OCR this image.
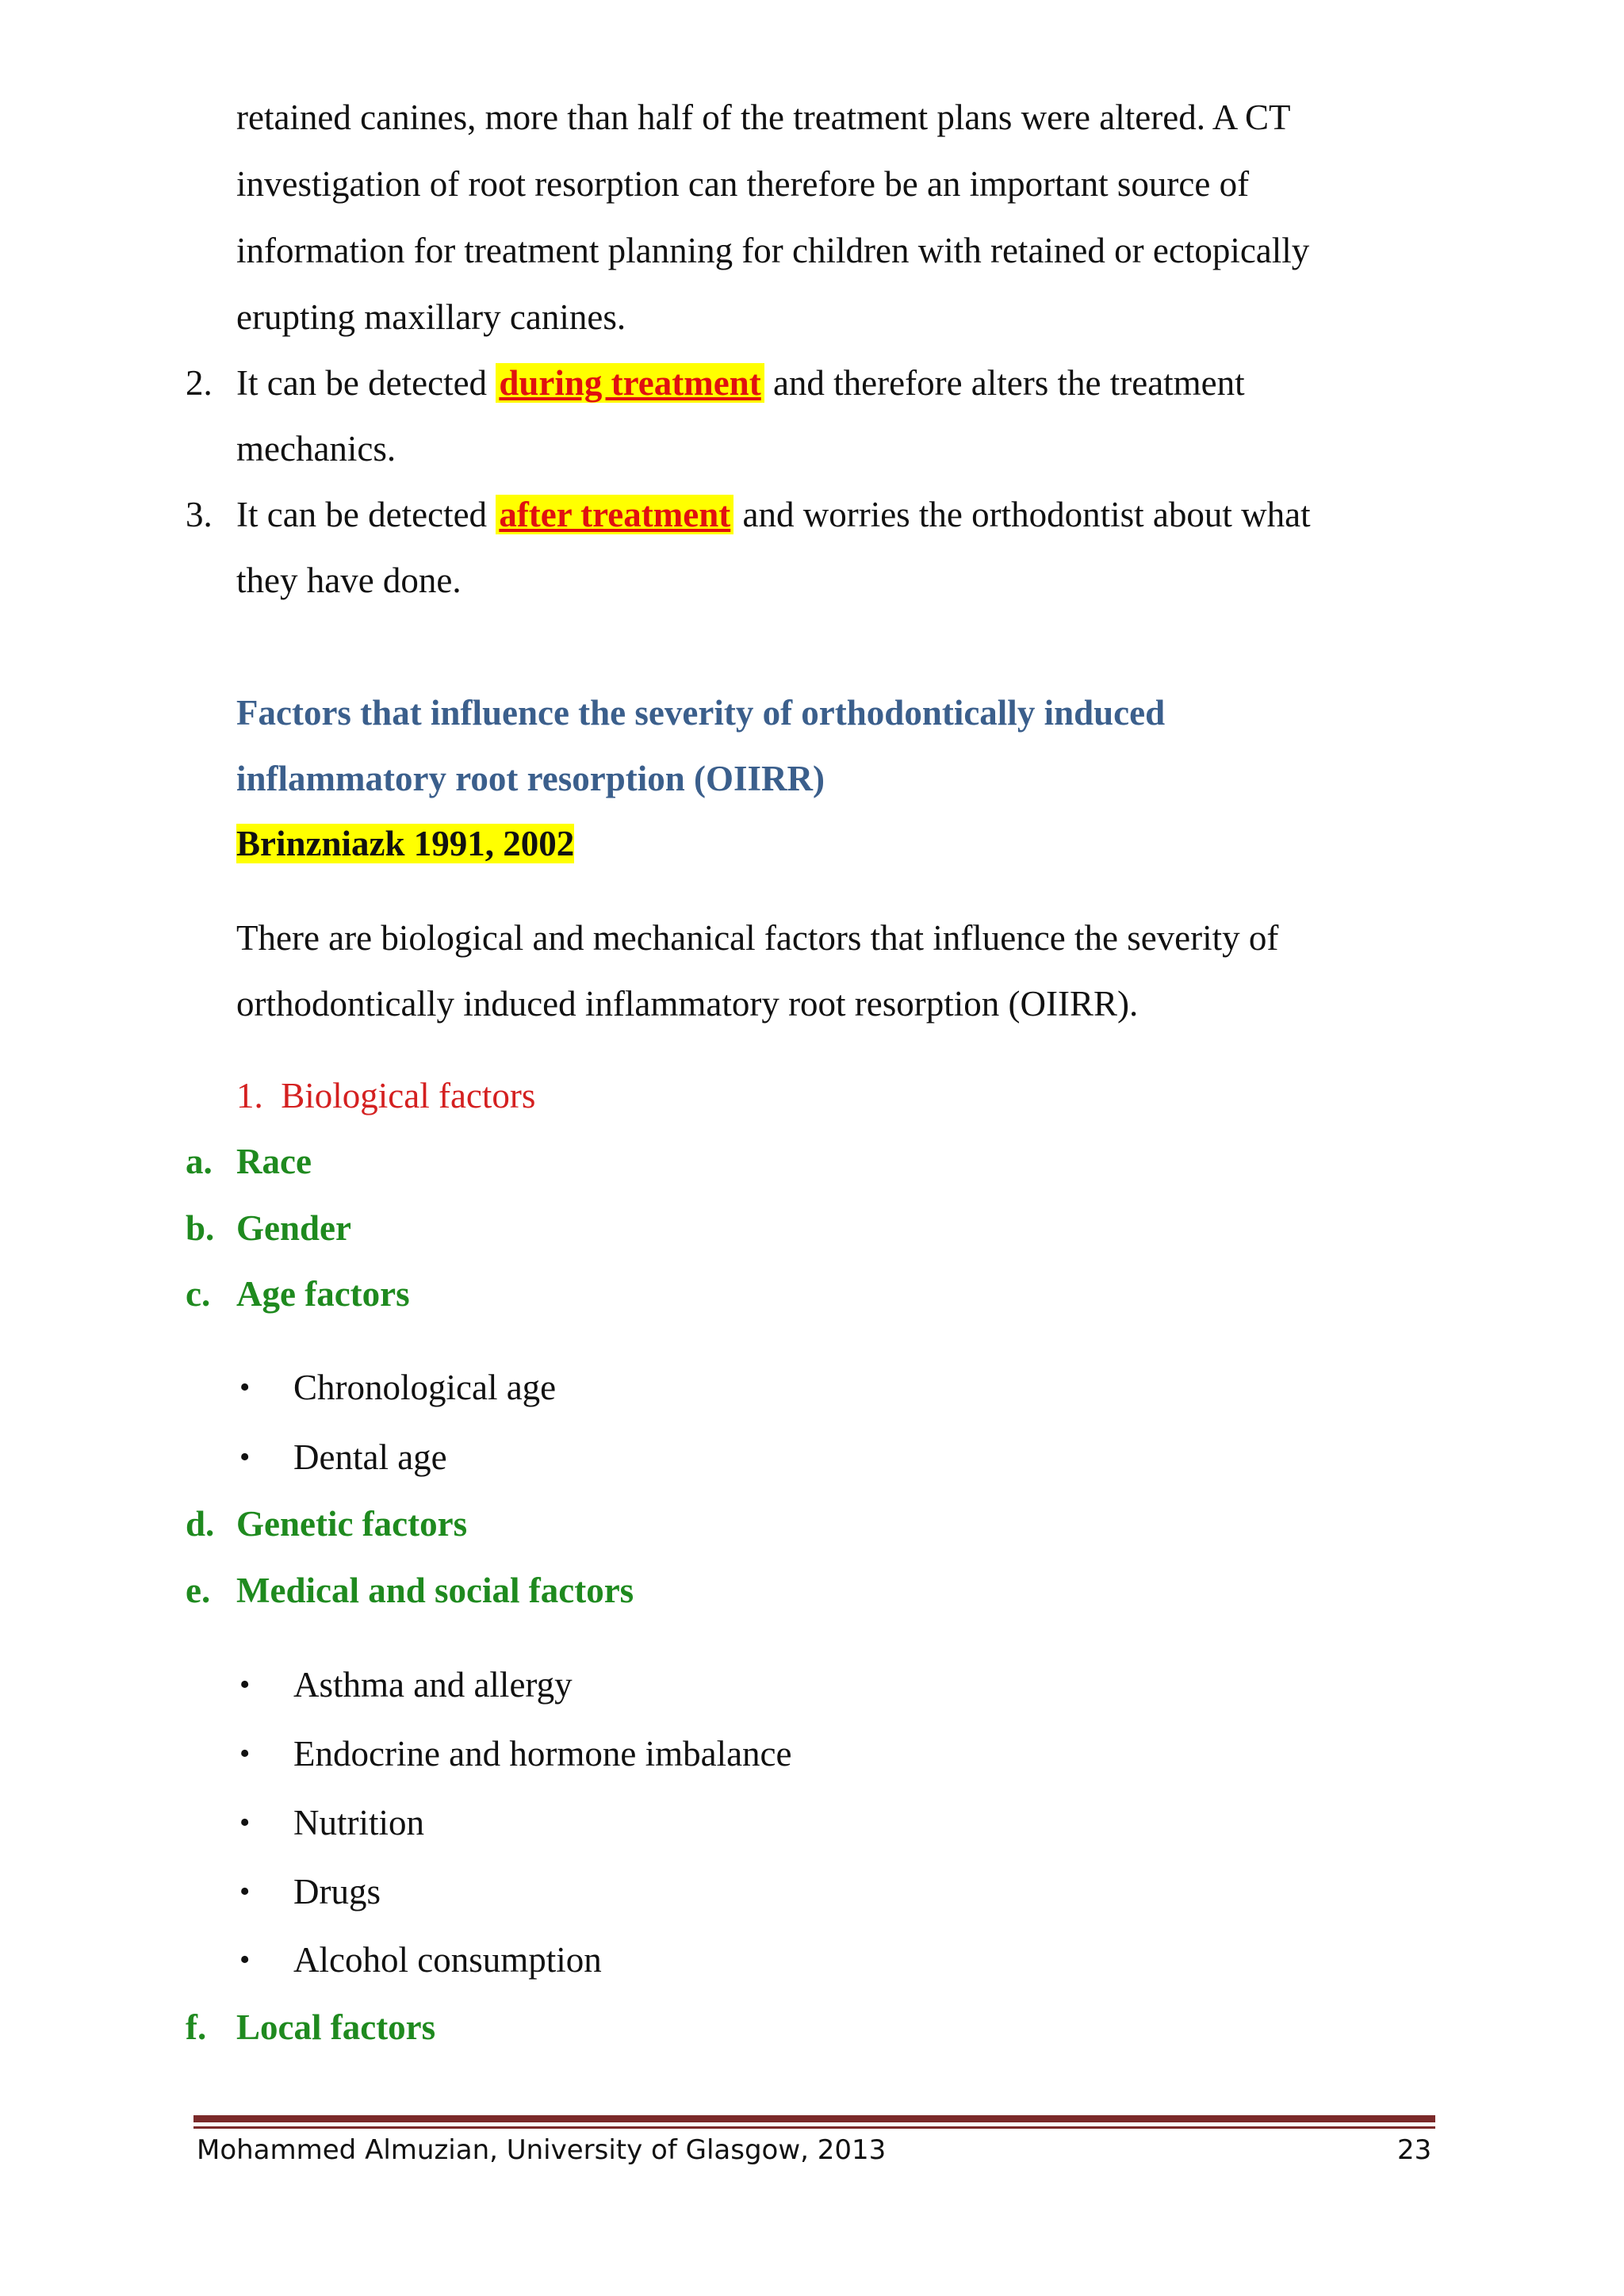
retained canines, more than half of the treatment plans were altered. A CT
investigation of root resorption can therefore be an important source of
information for treatment planning for children with retained or ectopically
erupting maxillary canines.
2. It can be detected during treatment and therefore alters the treatment
mechanics.
3. It can be detected after treatment and worries the orthodontist about what
they have done.
Factors that influence the severity of orthodontically induced
inflammatory root resorption (OIIRR)
Brinzniazk 1991, 2002
There are biological and mechanical factors that influence the severity of
orthodontically induced inflammatory root resorption (OIIRR).
1. Biological factors
a. Race
b. Gender
c. Age factors
• Chronological age
• Dental age
d. Genetic factors
e. Medical and social factors
• Asthma and allergy
• Endocrine and hormone imbalance
• Nutrition
• Drugs
• Alcohol consumption
f. Local factors
Mohammed Almuzian, University of Glasgow, 2013	23
